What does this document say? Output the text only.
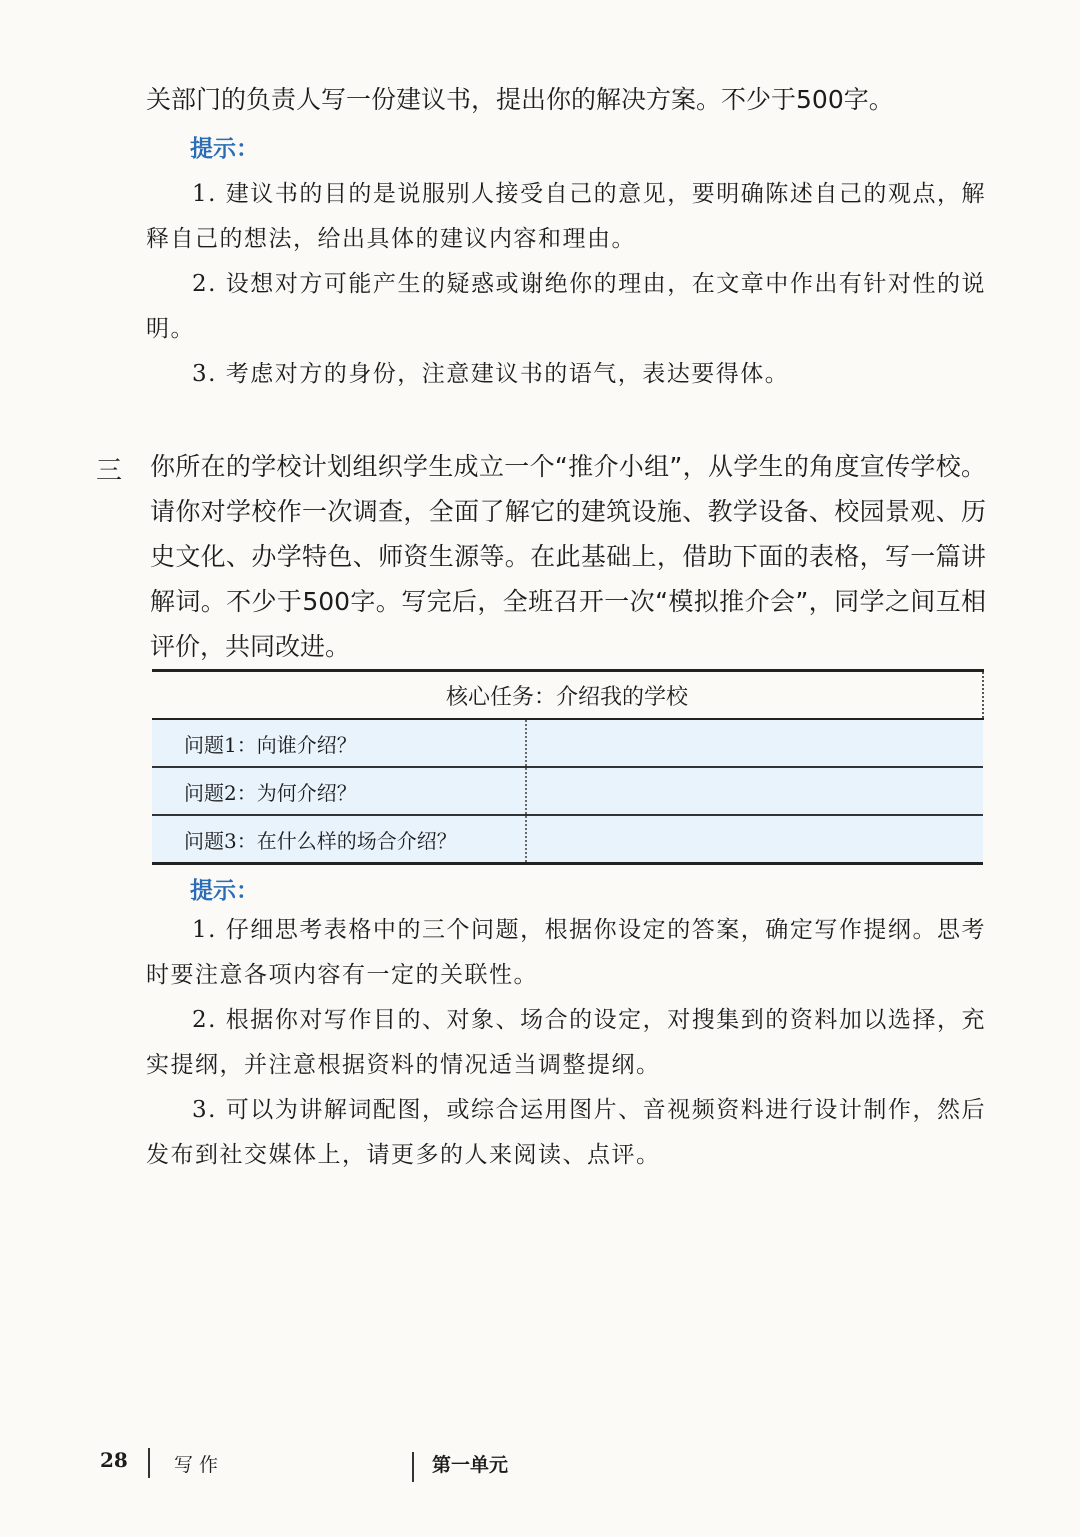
关部门的负责人写一份建议书，提出你的解决方案。不少于500字。

提示：

1. 建议书的目的是说服别人接受自己的意见，要明确陈述自己的观点，解释自己的想法，给出具体的建议内容和理由。

2. 设想对方可能产生的疑惑或谢绝你的理由，在文章中作出有针对性的说明。

3. 考虑对方的身份，注意建议书的语气，表达要得体。

三 你所在的学校计划组织学生成立一个“推介小组”，从学生的角度宣传学校。请你对学校作一次调查，全面了解它的建筑设施、教学设备、校园景观、历史文化、办学特色、师资生源等。在此基础上，借助下面的表格，写一篇讲解词。不少于500字。写完后，全班召开一次“模拟推介会”，同学之间互相评价，共同改进。

核心任务：介绍我的学校	
问题1：向谁介绍？	
问题2：为何介绍？	
问题3：在什么样的场合介绍？	

提示：

1. 仔细思考表格中的三个问题，根据你设定的答案，确定写作提纲。思考时要注意各项内容有一定的关联性。

2. 根据你对写作目的、对象、场合的设定，对搜集到的资料加以选择，充实提纲，并注意根据资料的情况适当调整提纲。

3. 可以为讲解词配图，或综合运用图片、音视频资料进行设计制作，然后发布到社交媒体上，请更多的人来阅读、点评。

28 写 作	第一单元
